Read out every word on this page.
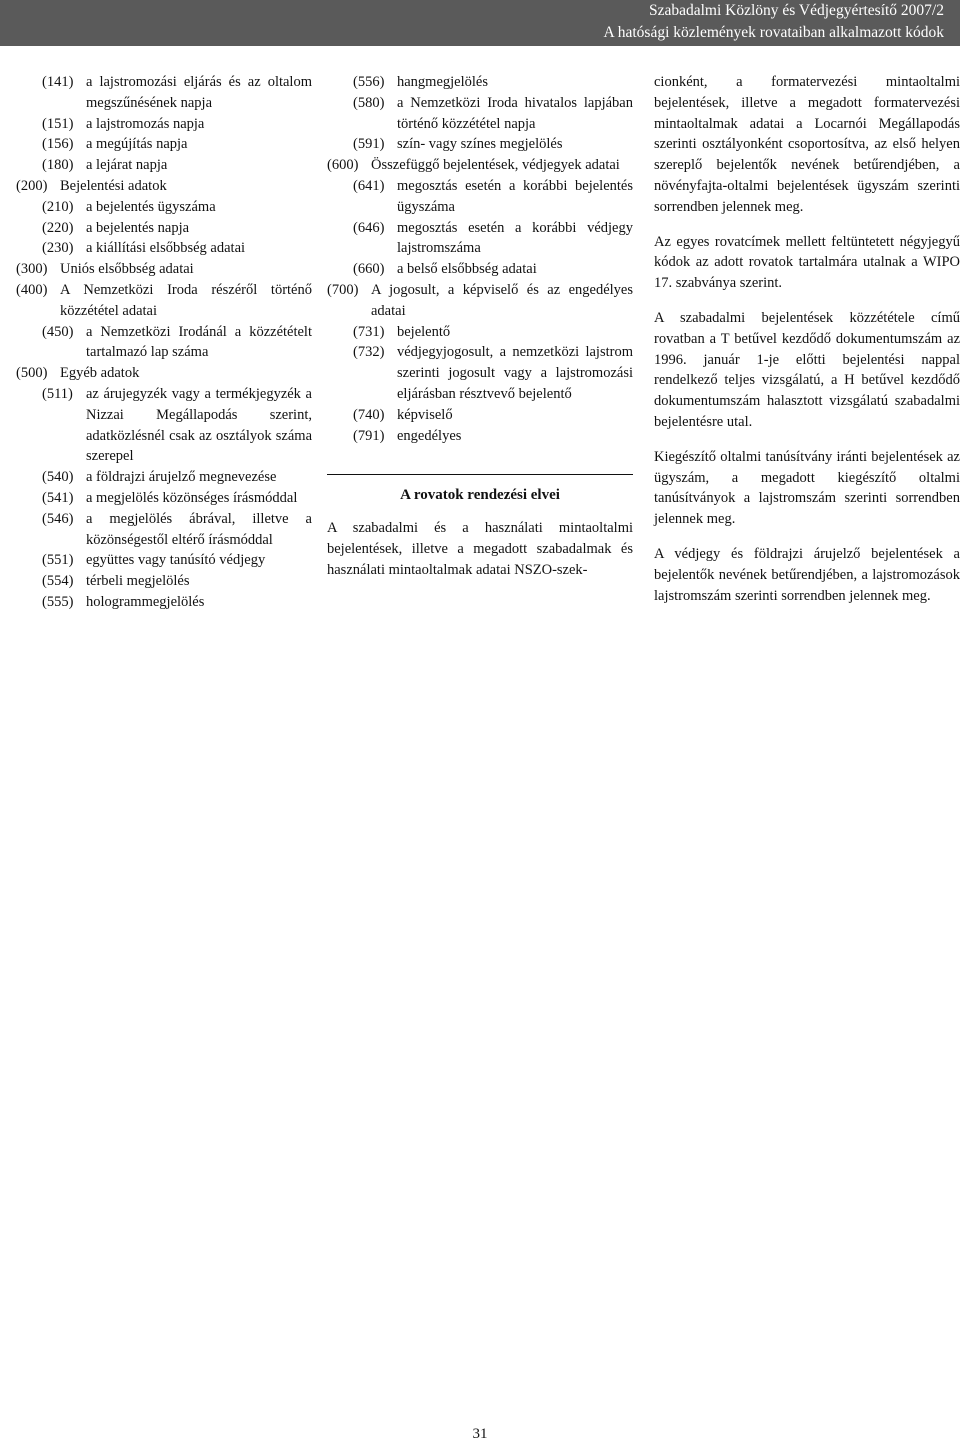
Szabadalmi Közlöny és Védjegyértesítő 2007/2
A hatósági közlemények rovataiban alkalmazott kódok
(141) a lajstromozási eljárás és az oltalom megszűnésének napja
(151) a lajstromozás napja
(156) a megújítás napja
(180) a lejárat napja
(200) Bejelentési adatok
(210) a bejelentés ügyszáma
(220) a bejelentés napja
(230) a kiállítási elsőbbség adatai
(300) Uniós elsőbbség adatai
(400) A Nemzetközi Iroda részéről történő közzététel adatai
(450) a Nemzetközi Irodánál a közzétételt tartalmazó lap száma
(500) Egyéb adatok
(511) az árujegyzék vagy a termékjegyzék a Nizzai Megállapodás szerint, adatközlésnél csak az osztályok száma szerepel
(540) a földrajzi árujelző megnevezése
(541) a megjelölés közönséges írásmóddal
(546) a megjelölés ábrával, illetve a közönségestől eltérő írásmóddal
(551) együttes vagy tanúsító védjegy
(554) térbeli megjelölés
(555) hologrammegjelölés
(556) hangmegjelölés
(580) a Nemzetközi Iroda hivatalos lapjában történő közzététel napja
(591) szín- vagy színes megjelölés
(600) Összefüggő bejelentések, védjegyek adatai
(641) megosztás esetén a korábbi bejelentés ügyszáma
(646) megosztás esetén a korábbi védjegy lajstromszáma
(660) a belső elsőbbség adatai
(700) A jogosult, a képviselő és az engedélyes adatai
(731) bejelentő
(732) védjegyjogosult, a nemzetközi lajstrom szerinti jogosult vagy a lajstromozási eljárásban résztvevő bejelentő
(740) képviselő
(791) engedélyes
A rovatok rendezési elvei

A szabadalmi és a használati mintaoltalmi bejelentések, illetve a megadott szabadalmak és használati mintaoltalmak adatai NSZO-szek-

cionként, a formatervezési mintaoltalmi bejelentések, illetve a megadott formatervezési mintaoltalmak adatai a Locarnói Megállapodás szerinti osztályonként csoportosítva, az első helyen szereplő bejelentők nevének betűrendjében, a növényfajta-oltalmi bejelentések ügyszám szerinti sorrendben jelennek meg.

Az egyes rovatcímek mellett feltüntetett négyjegyű kódok az adott rovatok tartalmára utalnak a WIPO 17. szabványa szerint.

A szabadalmi bejelentések közzététele című rovatban a T betűvel kezdődő dokumentumszám az 1996. január 1-je előtti bejelentési nappal rendelkező teljes vizsgálatú, a H betűvel kezdődő dokumentumszám halasztott vizsgálatú szabadalmi bejelentésre utal.

Kiegészítő oltalmi tanúsítvány iránti bejelentések az ügyszám, a megadott kiegészítő oltalmi tanúsítványok a lajstromszám szerinti sorrendben jelennek meg.

A védjegy és földrajzi árujelző bejelentések a bejelentők nevének betűrendjében, a lajstromozások lajstromszám szerinti sorrendben jelennek meg.

31
